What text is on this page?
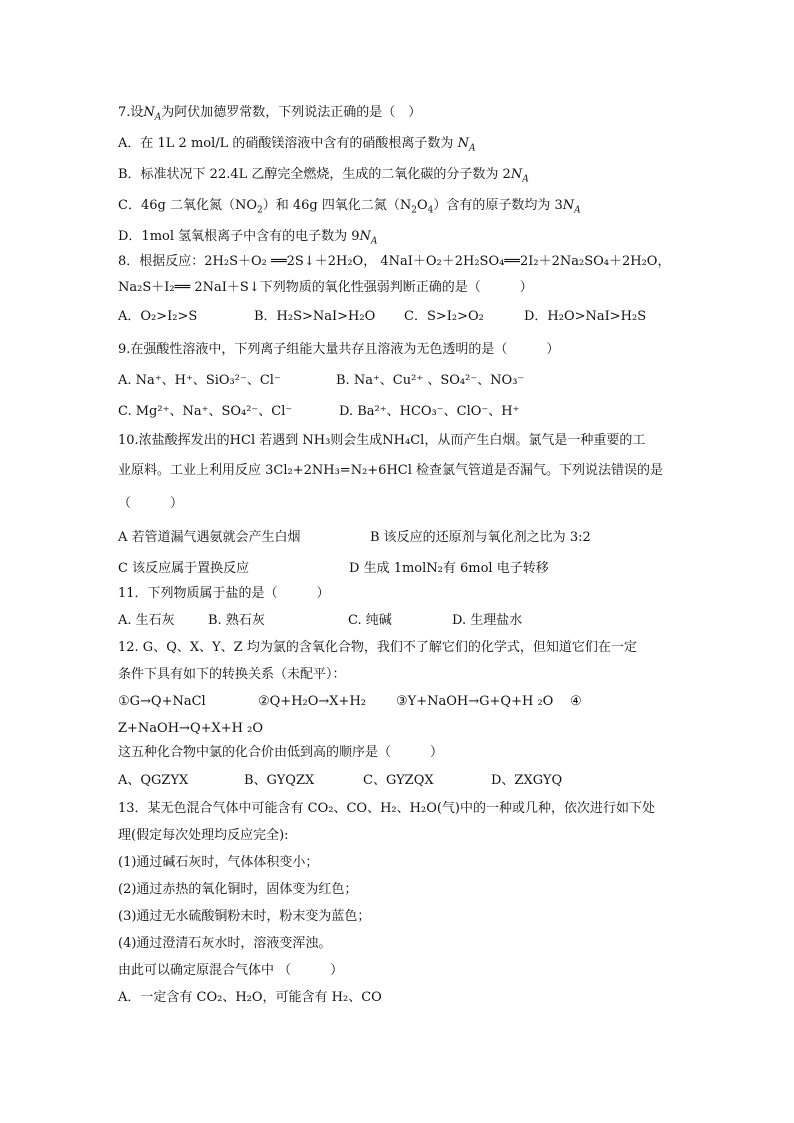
7.设$N_A$为阿伏加德罗常数，下列说法正确的是（　）
A．在 1L 2 mol/L 的硝酸镁溶液中含有的硝酸根离子数为 $N_A$
B．标准状况下 22.4L 乙醇完全燃烧，生成的二氧化碳的分子数为 $2N_A$
C．46g 二氧化氮$(NO_2)$和 46g 四氧化二氮$(N_2O_4)$含有的原子数均为 $3N_A$
D．1mol 氢氧根离子中含有的电子数为 $9N_A$
8．根据反应：2H₂S＋O₂ ══2S↓＋2H₂O， 4NaI＋O₂＋2H₂SO₄══2I₂＋2Na₂SO₄＋2H₂O，
Na₂S＋I₂══ 2NaI＋S↓下列物质的氧化性强弱判断正确的是（　　　）
A．O₂>I₂>S	B．H₂S>NaI>H₂O C．S>I₂>O₂	D．H₂O>NaI>H₂S
9.在强酸性溶液中，下列离子组能大量共存且溶液为无色透明的是（　　　）
A. Na⁺、H⁺、SiO₃²⁻、Cl⁻	B. Na⁺、Cu²⁺ 、SO₄²⁻、NO₃⁻
C. Mg²⁺、Na⁺、SO₄²⁻、Cl⁻	D. Ba²⁺、HCO₃⁻、ClO⁻、H⁺
10.浓盐酸挥发出的HCl 若遇到 NH₃则会生成NH₄Cl，从而产生白烟。氯气是一种重要的工
业原料。工业上利用反应 3Cl₂+2NH₃=N₂+6HCl 检查氯气管道是否漏气。下列说法错误的是
（　　　）
A 若管道漏气遇氨就会产生白烟	B 该反应的还原剂与氧化剂之比为 3:2
C 该反应属于置换反应	D 生成 1molN₂有 6mol 电子转移
11．下列物质属于盐的是（　　　）
A. 生石灰	B. 熟石灰	C. 纯碱	D. 生理盐水
12. G、Q、X、Y、Z 均为氯的含氧化合物，我们不了解它们的化学式，但知道它们在一定
条件下具有如下的转换关系（未配平）：
①G→Q+NaCl	②Q+H₂O→X+H₂ ③Y+NaOH→G+Q+H ₂O ④
Z+NaOH→Q+X+H ₂O
这五种化合物中氯的化合价由低到高的顺序是（　　　）
A、QGZYX	B、GYQZX	C、GYZQX	D、ZXGYQ
13．某无色混合气体中可能含有 CO₂、CO、H₂、H₂O(气)中的一种或几种，依次进行如下处
理(假定每次处理均反应完全):
(1)通过碱石灰时，气体体积变小；
(2)通过赤热的氧化铜时，固体变为红色；
(3)通过无水硫酸铜粉末时，粉末变为蓝色；
(4)通过澄清石灰水时，溶液变浑浊。
由此可以确定原混合气体中 （　　　）
A．一定含有 CO₂、H₂O，可能含有 H₂、CO
